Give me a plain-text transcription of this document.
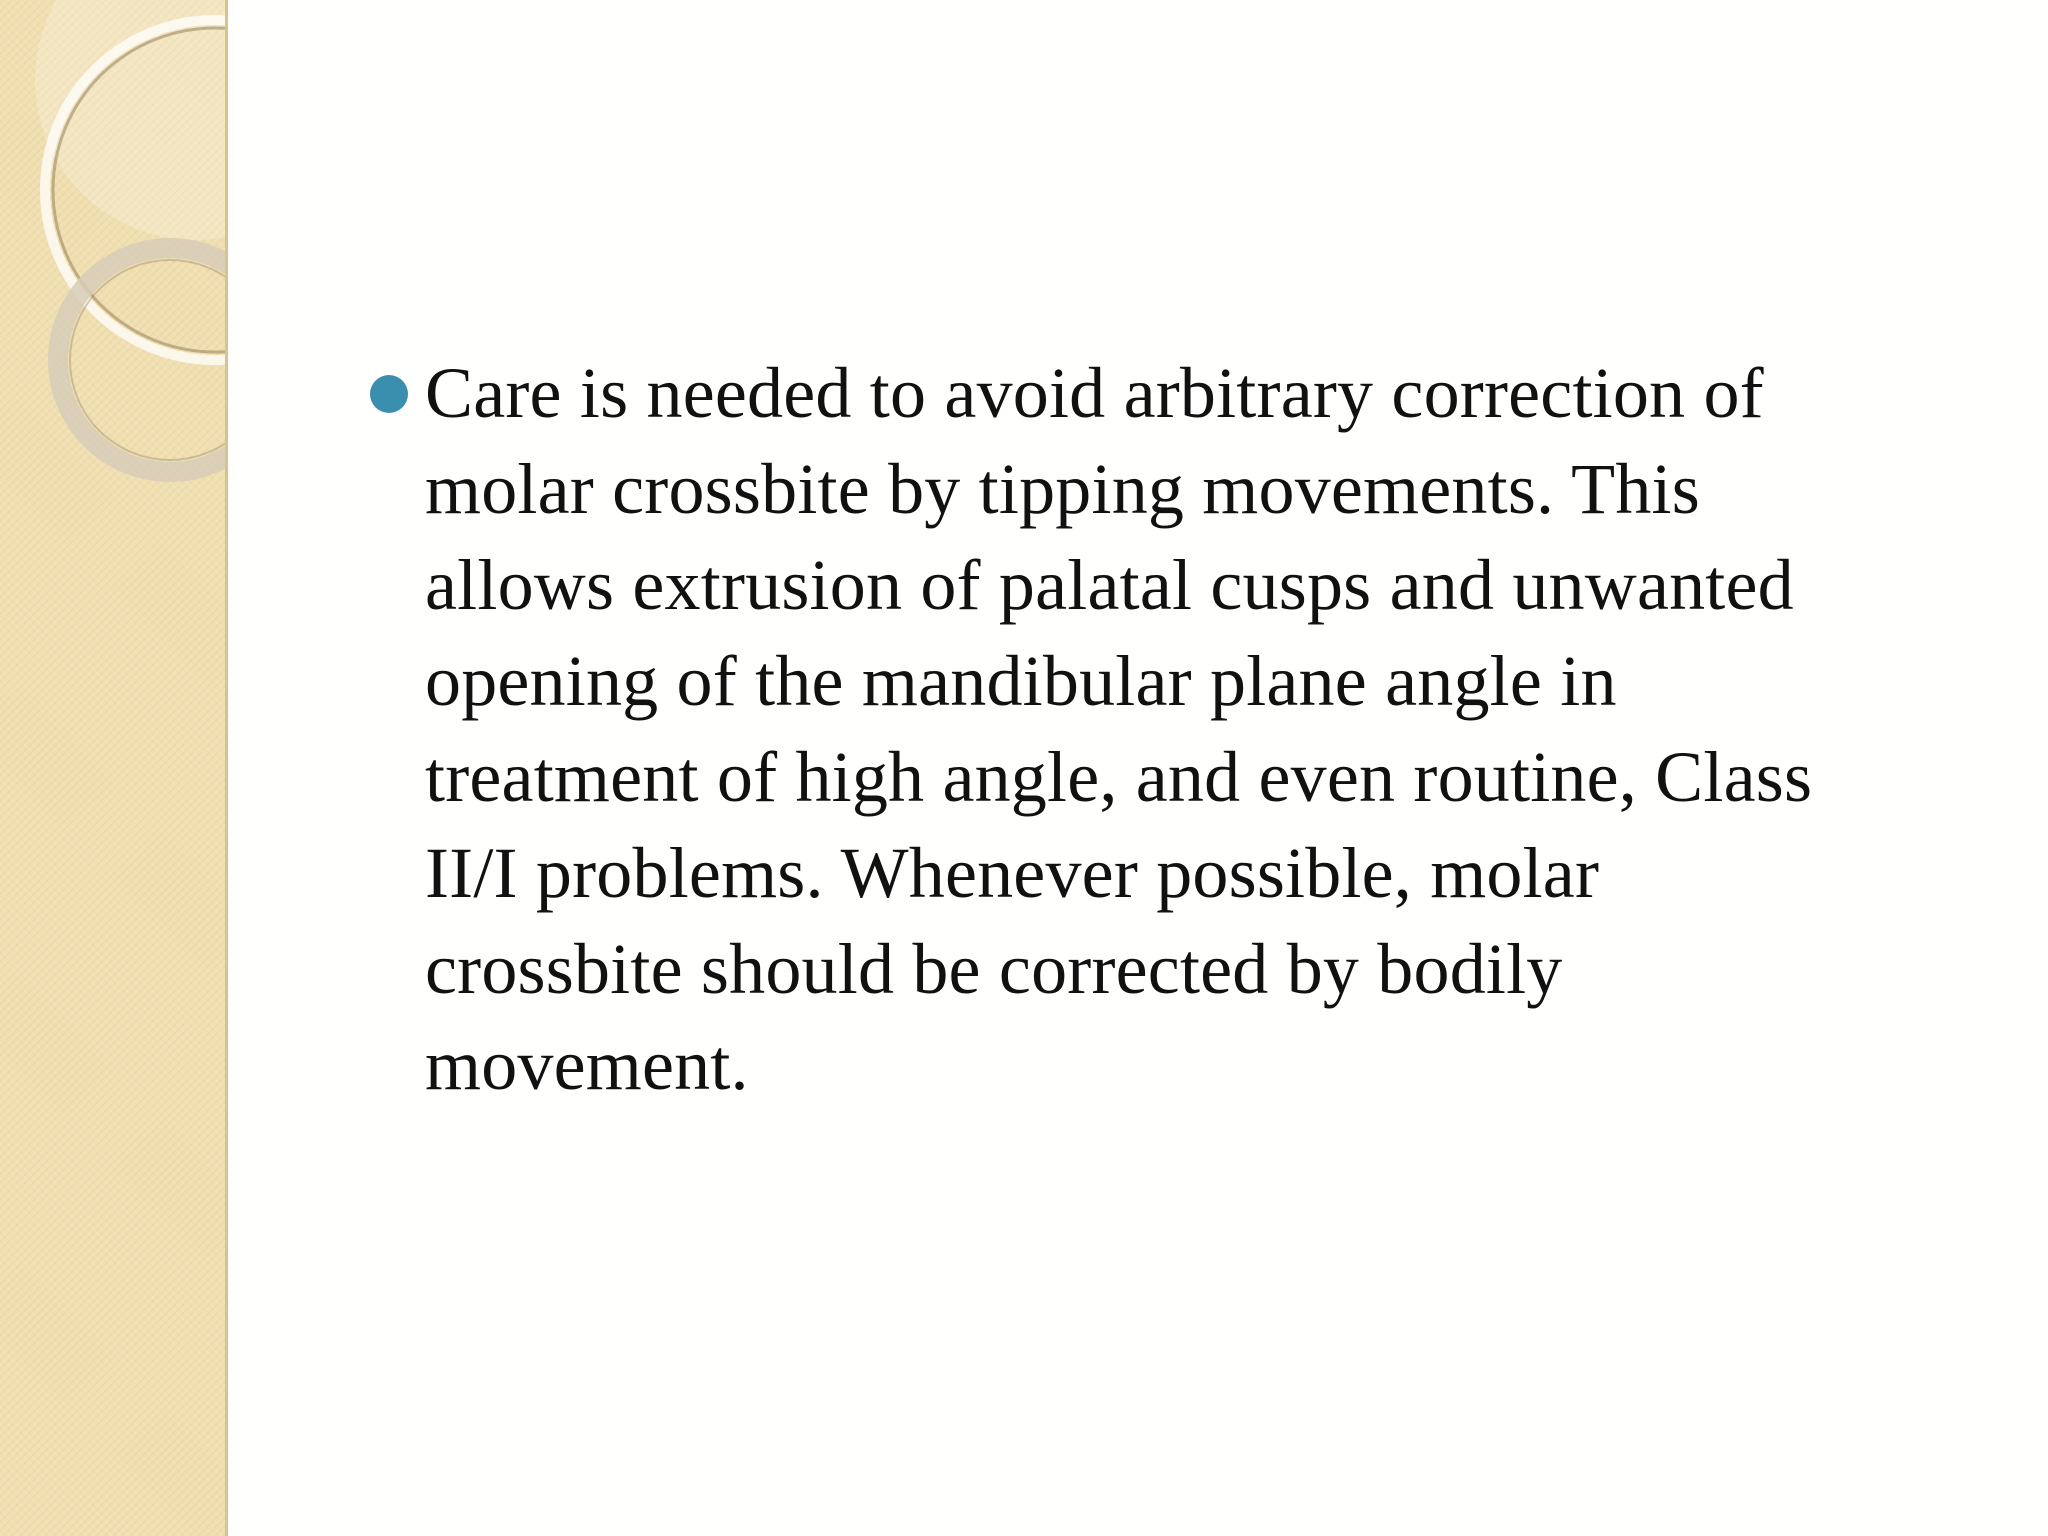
Care is needed to avoid arbitrary correction of
molar crossbite by tipping movements. This
allows extrusion of palatal cusps and unwanted
opening of the mandibular plane angle in
treatment of high angle, and even routine, Class
II/I problems. Whenever possible, molar
crossbite should be corrected by bodily
movement.
